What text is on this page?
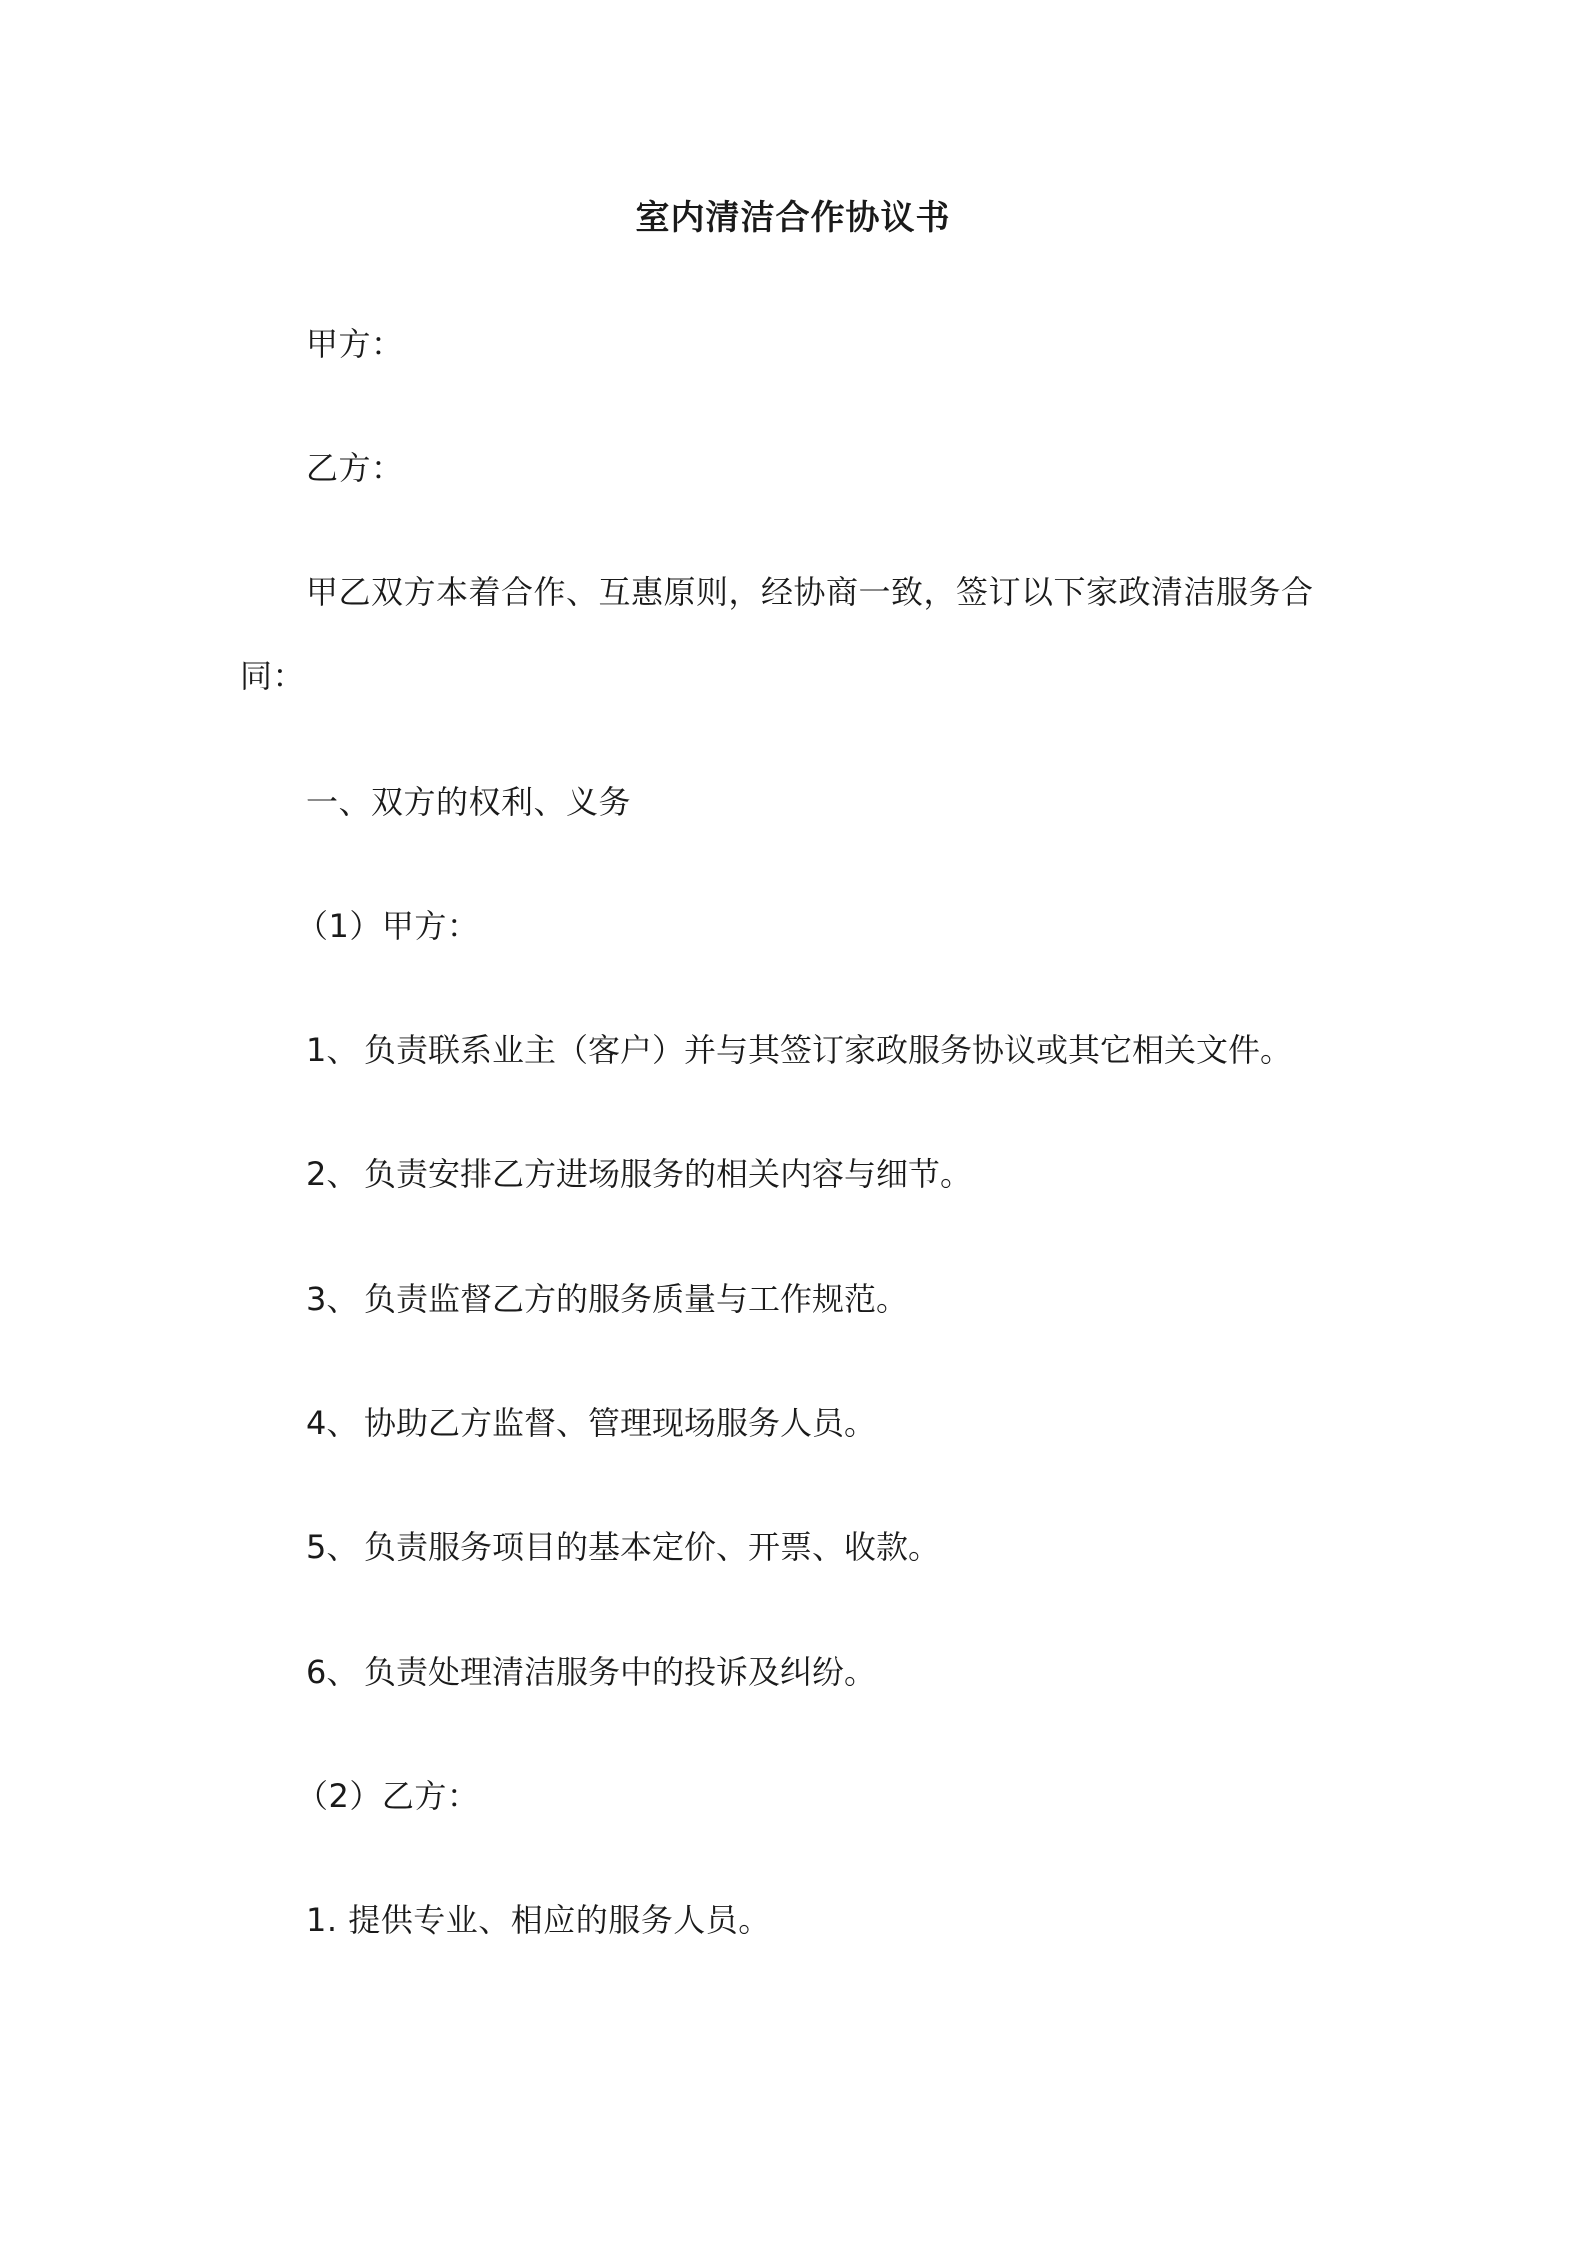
室内清洁合作协议书
甲方：
乙方：
甲乙双方本着合作、互惠原则，经协商一致，签订以下家政清洁服务合
同：
一、双方的权利、义务
（1）甲方：
1、 负责联系业主（客户）并与其签订家政服务协议或其它相关文件。
2、 负责安排乙方进场服务的相关内容与细节。
3、 负责监督乙方的服务质量与工作规范。
4、 协助乙方监督、管理现场服务人员。
5、 负责服务项目的基本定价、开票、收款。
6、 负责处理清洁服务中的投诉及纠纷。
（2）乙方：
1. 提供专业、相应的服务人员。
